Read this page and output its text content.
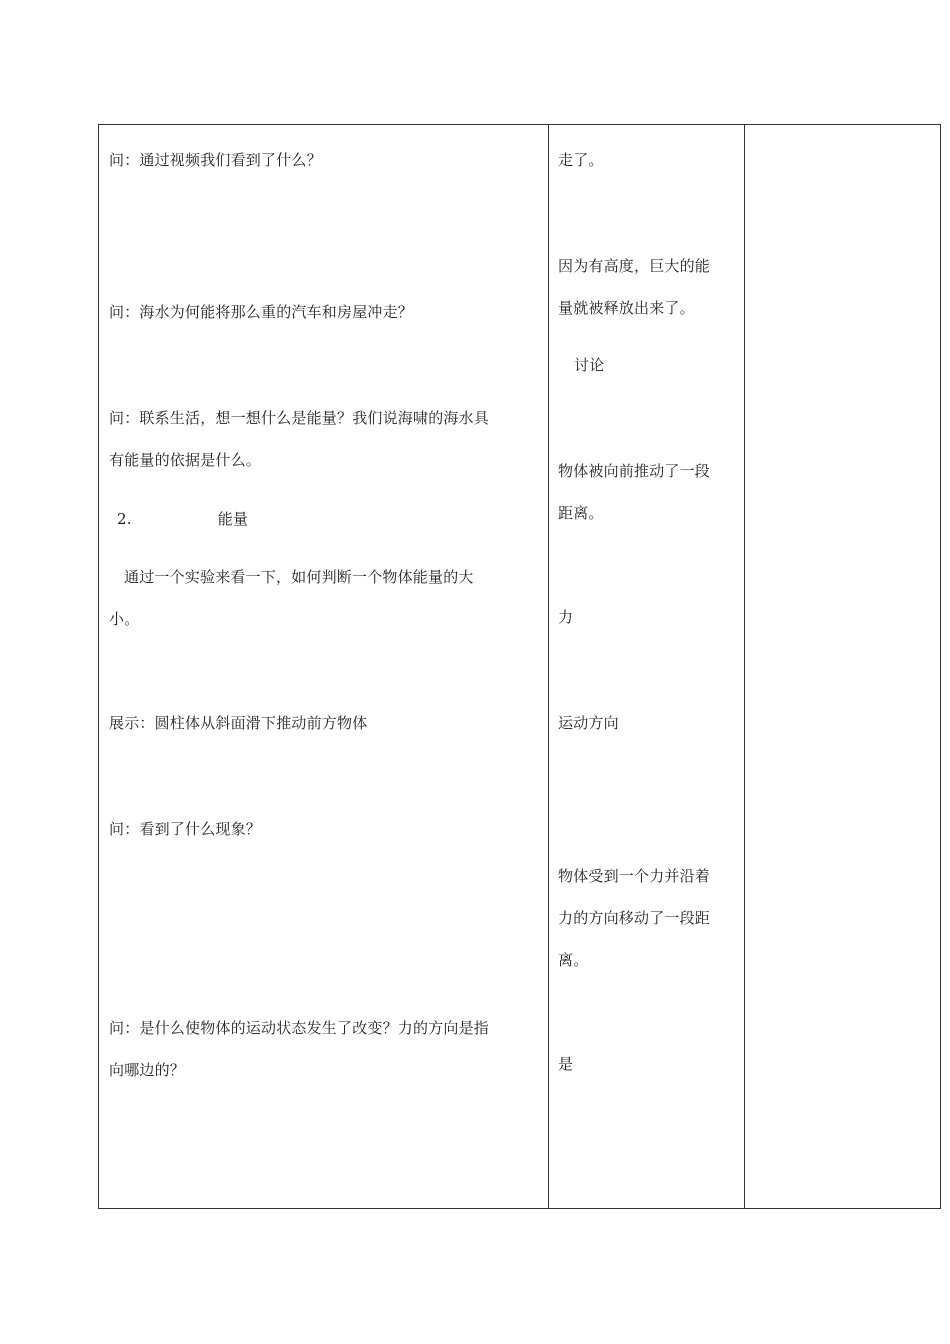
问：通过视频我们看到了什么？
问：海水为何能将那么重的汽车和房屋冲走？
问：联系生活，想一想什么是能量？我们说海啸的海水具
有能量的依据是什么。
2.	能量
通过一个实验来看一下，如何判断一个物体能量的大
小。
展示：圆柱体从斜面滑下推动前方物体
问：看到了什么现象？
问：是什么使物体的运动状态发生了改变？力的方向是指
向哪边的？
走了。
因为有高度，巨大的能
量就被释放出来了。
讨论
物体被向前推动了一段
距离。
力
运动方向
物体受到一个力并沿着
力的方向移动了一段距
离。
是
